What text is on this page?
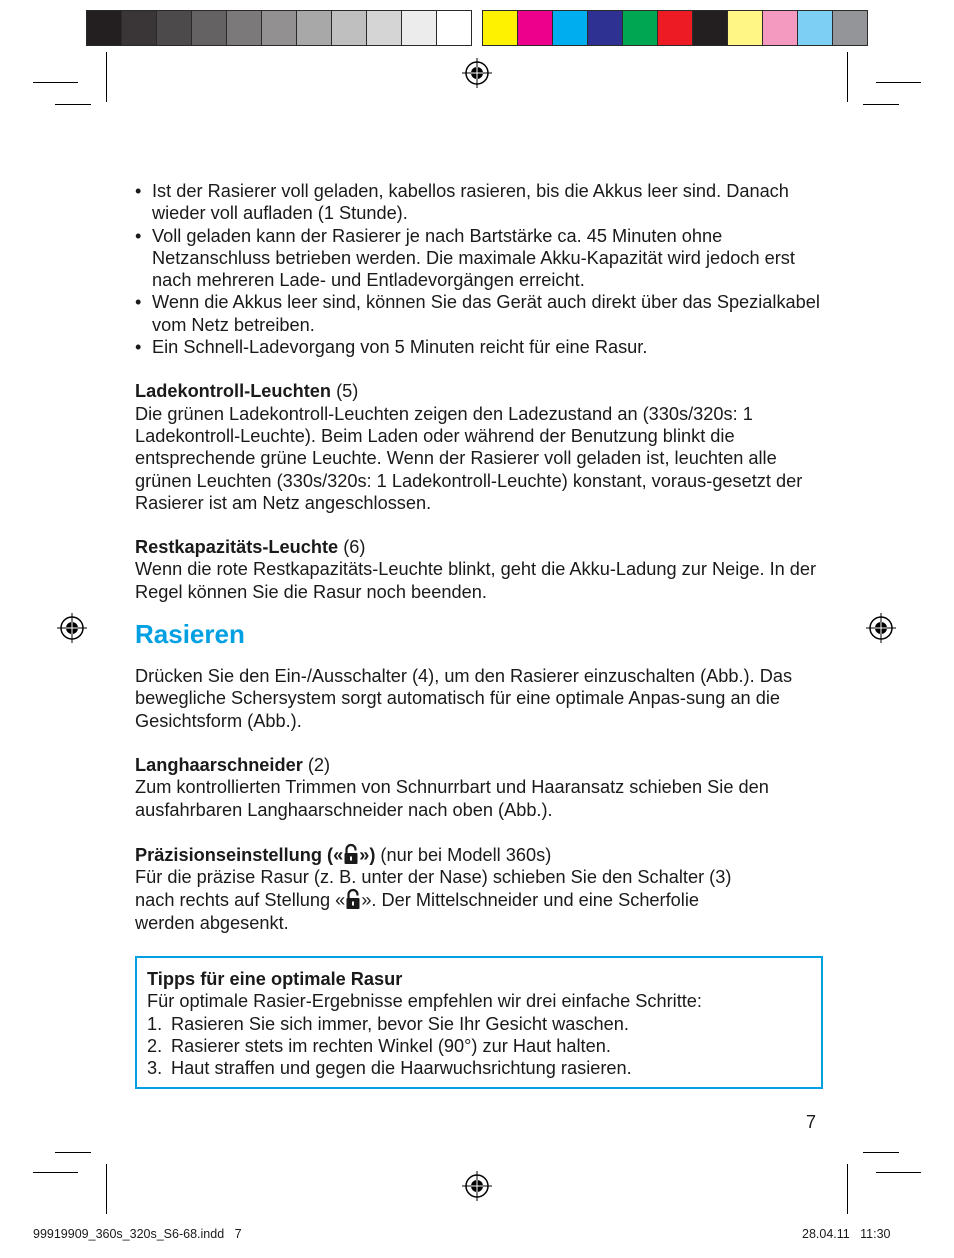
• Ist der Rasierer voll geladen, kabellos rasieren, bis die Akkus leer sind. Danach wieder voll aufladen (1 Stunde).
• Voll geladen kann der Rasierer je nach Bartstärke ca. 45 Minuten ohne Netzanschluss betrieben werden. Die maximale Akku-Kapazität wird jedoch erst nach mehreren Lade- und Entladevorgängen erreicht.
• Wenn die Akkus leer sind, können Sie das Gerät auch direkt über das Spezialkabel vom Netz betreiben.
• Ein Schnell-Ladevorgang von 5 Minuten reicht für eine Rasur.

Ladekontroll-Leuchten (5)

Die grünen Ladekontroll-Leuchten zeigen den Ladezustand an (330s/320s: 1 Ladekontroll-Leuchte). Beim Laden oder während der Benutzung blinkt die entsprechende grüne Leuchte. Wenn der Rasierer voll geladen ist, leuchten alle grünen Leuchten (330s/320s: 1 Ladekontroll-Leuchte) konstant, voraus-gesetzt der Rasierer ist am Netz angeschlossen.

Restkapazitäts-Leuchte (6)

Wenn die rote Restkapazitäts-Leuchte blinkt, geht die Akku-Ladung zur Neige. In der Regel können Sie die Rasur noch beenden.

Rasieren

Drücken Sie den Ein-/Ausschalter (4), um den Rasierer einzuschalten (Abb.). Das bewegliche Schersystem sorgt automatisch für eine optimale Anpas-sung an die Gesichtsform (Abb.).

Langhaarschneider (2)

Zum kontrollierten Trimmen von Schnurrbart und Haaransatz schieben Sie den ausfahrbaren Langhaarschneider nach oben (Abb.).

Präzisionseinstellung (« ») (nur bei Modell 360s)

Für die präzise Rasur (z. B. unter der Nase) schieben Sie den Schalter (3)
nach rechts auf Stellung « ». Der Mittelschneider und eine Scherfolie
werden abgesenkt.

Tipps für eine optimale Rasur

Für optimale Rasier-Ergebnisse empfehlen wir drei einfache Schritte:

1. Rasieren Sie sich immer, bevor Sie Ihr Gesicht waschen.
2. Rasierer stets im rechten Winkel (90°) zur Haut halten.
3. Haut straffen und gegen die Haarwuchsrichtung rasieren.
7
99919909_360s_320s_S6-68.indd   7	28.04.11   11:30
